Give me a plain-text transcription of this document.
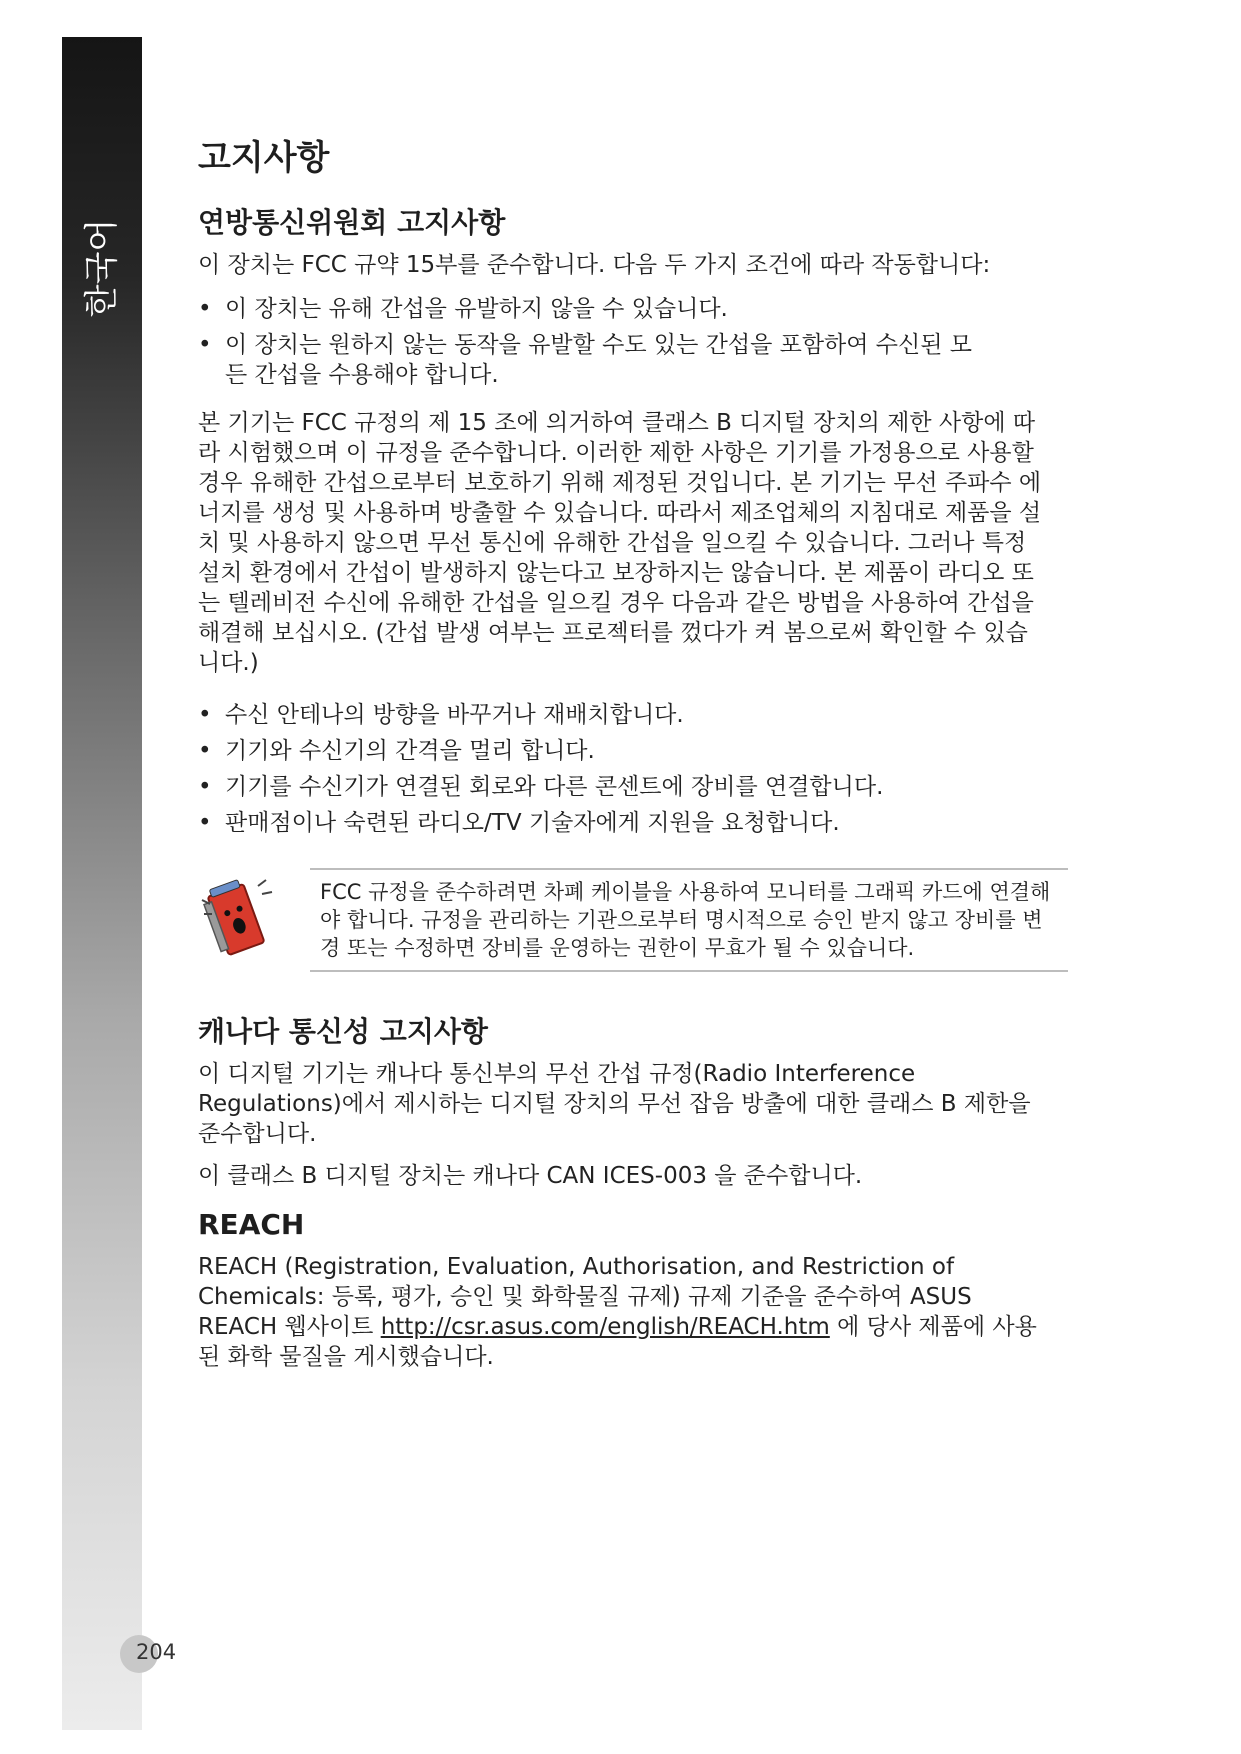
한국어
고지사항
연방통신위원회 고지사항

이 장치는 FCC 규약 15부를 준수합니다. 다음 두 가지 조건에 따라 작동합니다:

• 이 장치는 유해 간섭을 유발하지 않을 수 있습니다.
• 이 장치는 원하지 않는 동작을 유발할 수도 있는 간섭을 포함하여 수신된 모든 간섭을 수용해야 합니다.

본 기기는 FCC 규정의 제 15 조에 의거하여 클래스 B 디지털 장치의 제한 사항에 따라 시험했으며 이 규정을 준수합니다. 이러한 제한 사항은 기기를 가정용으로 사용할 경우 유해한 간섭으로부터 보호하기 위해 제정된 것입니다. 본 기기는 무선 주파수 에너지를 생성 및 사용하며 방출할 수 있습니다. 따라서 제조업체의 지침대로 제품을 설치 및 사용하지 않으면 무선 통신에 유해한 간섭을 일으킬 수 있습니다. 그러나 특정 설치 환경에서 간섭이 발생하지 않는다고 보장하지는 않습니다. 본 제품이 라디오 또는 텔레비전 수신에 유해한 간섭을 일으킬 경우 다음과 같은 방법을 사용하여 간섭을 해결해 보십시오. (간섭 발생 여부는 프로젝터를 껐다가 켜 봄으로써 확인할 수 있습니다.)

• 수신 안테나의 방향을 바꾸거나 재배치합니다.
• 기기와 수신기의 간격을 멀리 합니다.
• 기기를 수신기가 연결된 회로와 다른 콘센트에 장비를 연결합니다.
• 판매점이나 숙련된 라디오/TV 기술자에게 지원을 요청합니다.

FCC 규정을 준수하려면 차폐 케이블을 사용하여 모니터를 그래픽 카드에 연결해야 합니다. 규정을 관리하는 기관으로부터 명시적으로 승인 받지 않고 장비를 변경 또는 수정하면 장비를 운영하는 권한이 무효가 될 수 있습니다.

캐나다 통신성 고지사항

이 디지털 기기는 캐나다 통신부의 무선 간섭 규정(Radio Interference Regulations)에서 제시하는 디지털 장치의 무선 잡음 방출에 대한 클래스 B 제한을 준수합니다.

이 클래스 B 디지털 장치는 캐나다 CAN ICES-003 을 준수합니다.

REACH

REACH (Registration, Evaluation, Authorisation, and Restriction of Chemicals: 등록, 평가, 승인 및 화학물질 규제) 규제 기준을 준수하여 ASUS REACH 웹사이트 http://csr.asus.com/english/REACH.htm 에 당사 제품에 사용된 화학 물질을 게시했습니다.

204
